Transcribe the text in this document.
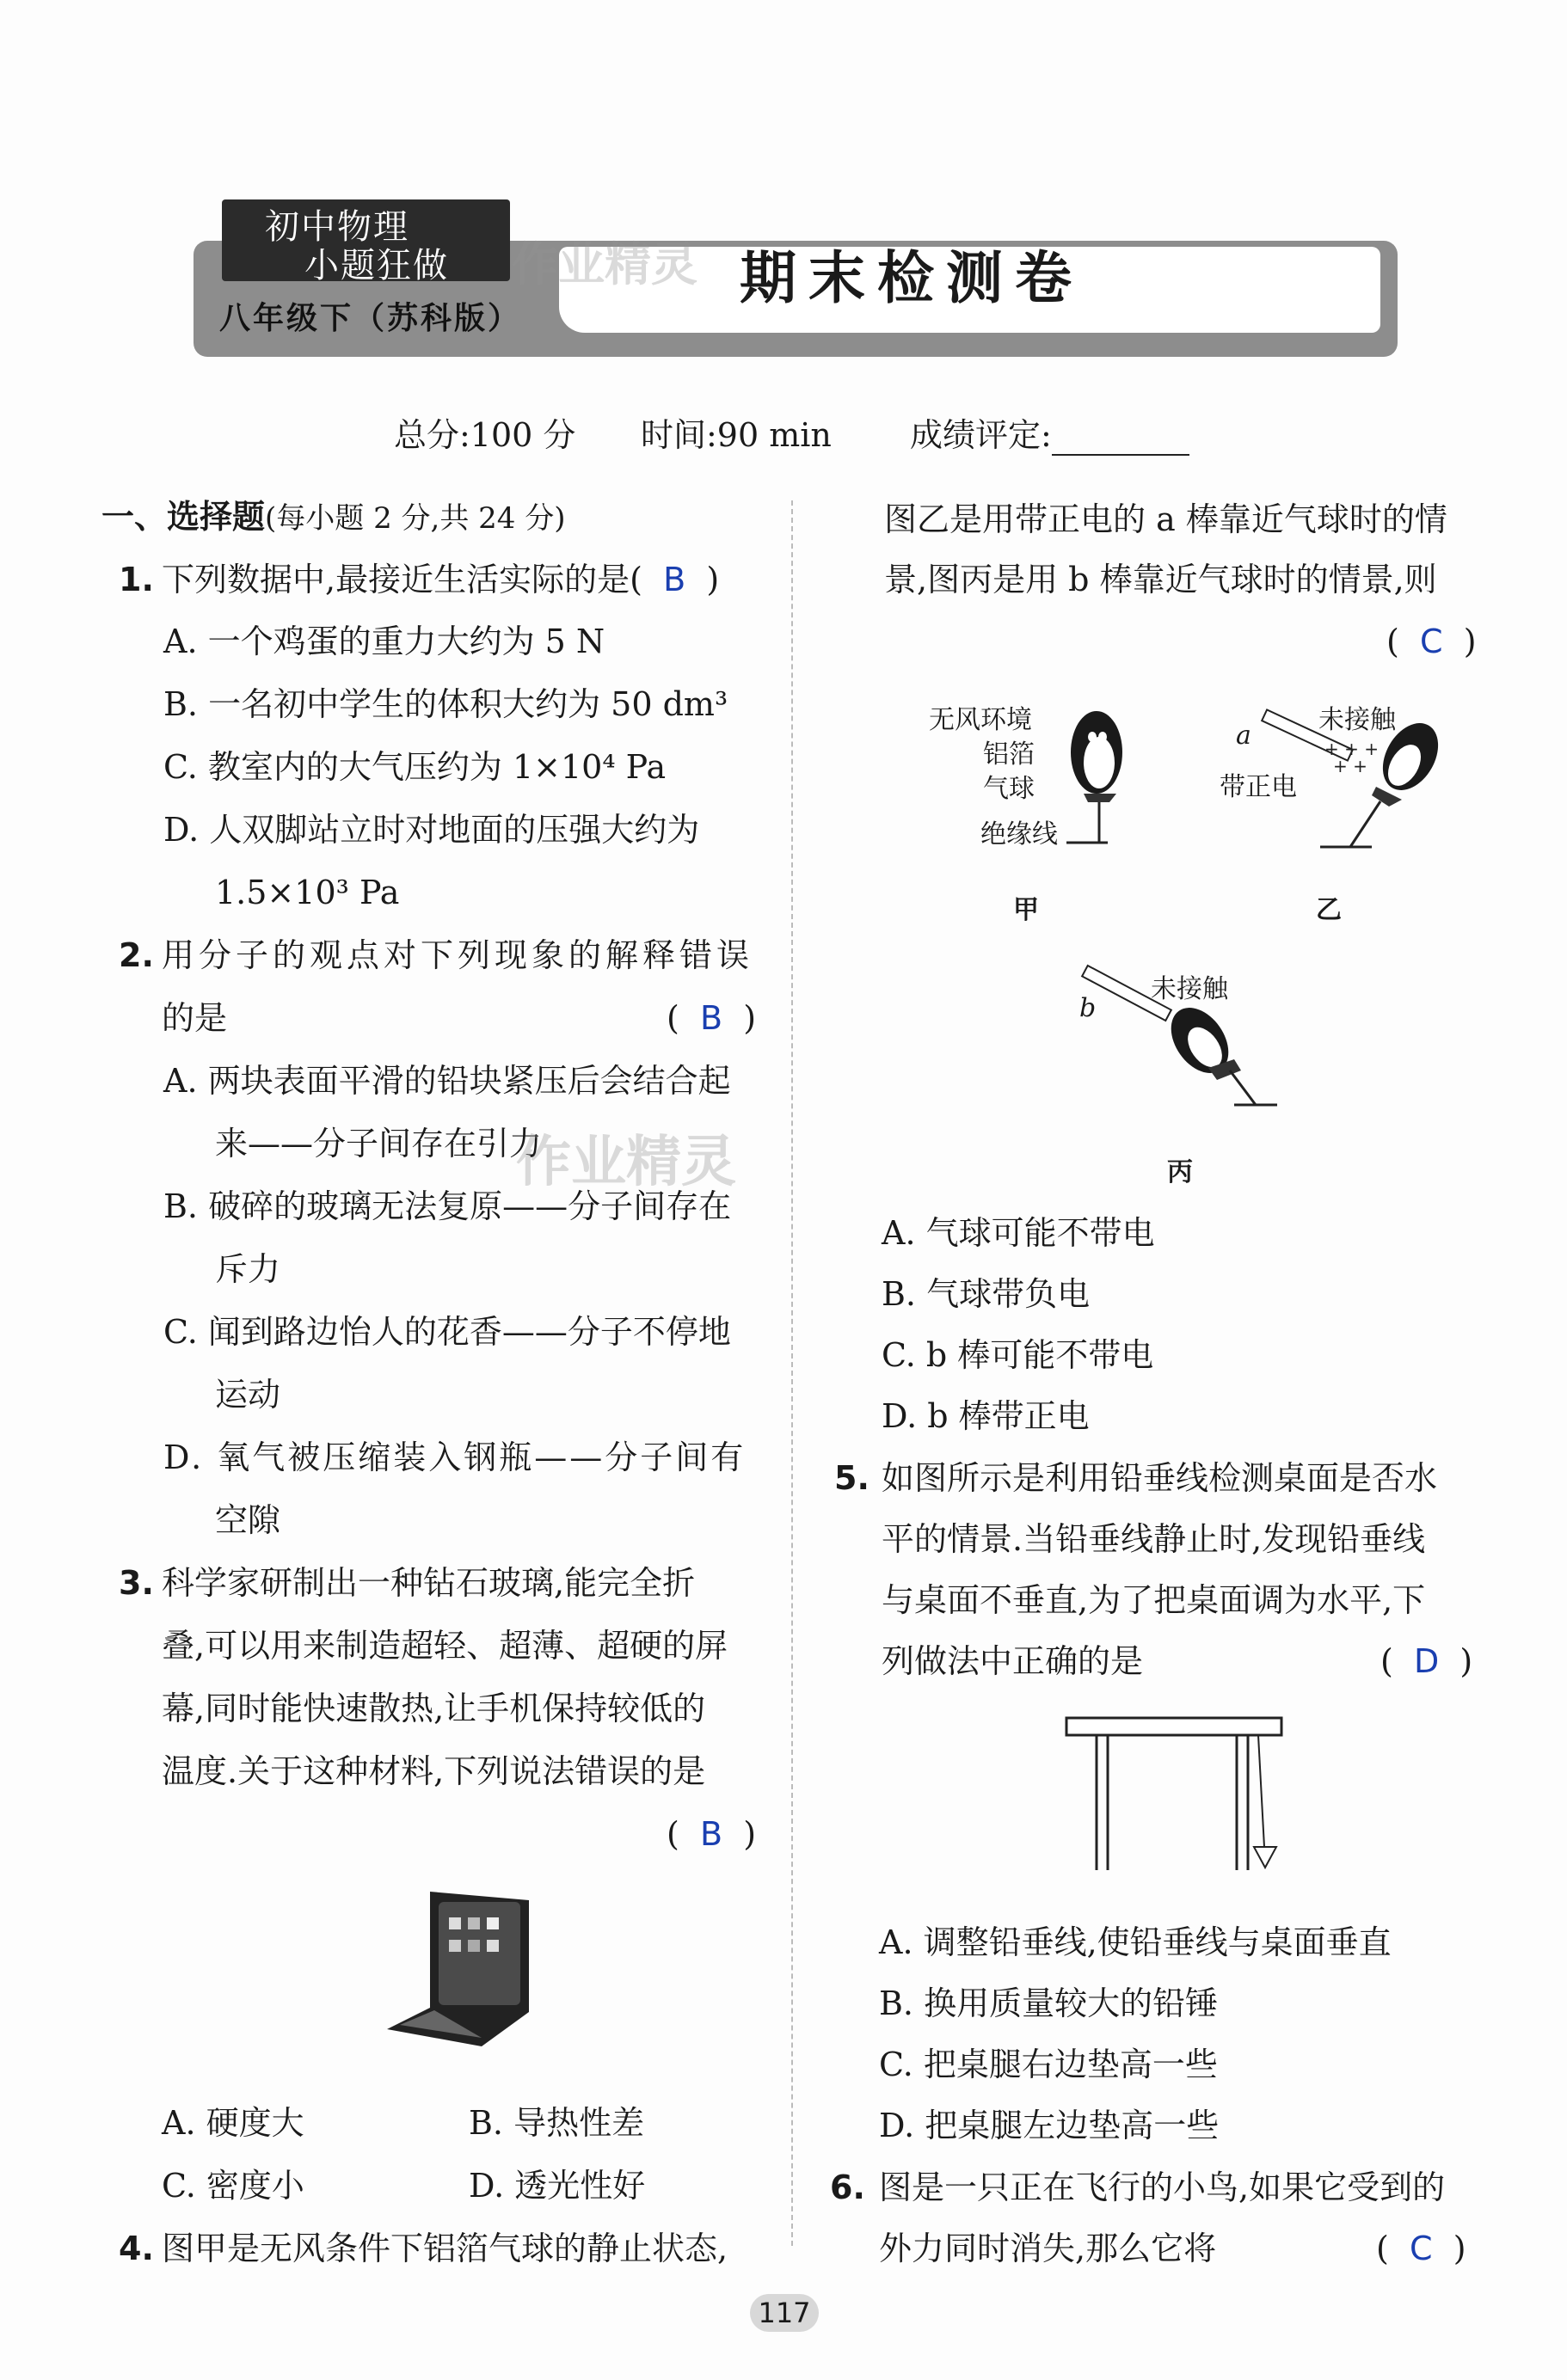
初中物理
小题狂做
八年级下（苏科版）
期末检测卷
作业精灵
总分:100 分 时间:90 min 成绩评定:
一、选择题(每小题 2 分,共 24 分)
1. 下列数据中,最接近生活实际的是( B )
A. 一个鸡蛋的重力大约为 5 N
B. 一名初中学生的体积大约为 50 dm³
C. 教室内的大气压约为 1×10⁴ Pa
D. 人双脚站立时对地面的压强大约为
1.5×10³ Pa
2. 用分子的观点对下列现象的解释错误
的是	(  B  )
A. 两块表面平滑的铅块紧压后会结合起
来——分子间存在引力
作业精灵
B. 破碎的玻璃无法复原——分子间存在
斥力
C. 闻到路边怡人的花香——分子不停地
运动
D. 氧气被压缩装入钢瓶——分子间有
空隙
3. 科学家研制出一种钻石玻璃,能完全折
叠,可以用来制造超轻、超薄、超硬的屏
幕,同时能快速散热,让手机保持较低的
温度.关于这种材料,下列说法错误的是
(  B  )
A. 硬度大	B. 导热性差
C. 密度小	D. 透光性好
4. 图甲是无风条件下铝箔气球的静止状态,
图乙是用带正电的 a 棒靠近气球时的情
景,图丙是用 b 棒靠近气球时的情景,则
(  C  )
无风环境
铝箔
气球
绝缘线
甲
未接触
a
带正电
+ + +
+ +
乙
未接触
b
丙
A. 气球可能不带电
B. 气球带负电
C. b 棒可能不带电
D. b 棒带正电
5. 如图所示是利用铅垂线检测桌面是否水
平的情景.当铅垂线静止时,发现铅垂线
与桌面不垂直,为了把桌面调为水平,下
列做法中正确的是	(  D  )
A. 调整铅垂线,使铅垂线与桌面垂直
B. 换用质量较大的铅锤
C. 把桌腿右边垫高一些
D. 把桌腿左边垫高一些
6. 图是一只正在飞行的小鸟,如果它受到的
外力同时消失,那么它将	(  C  )
117
